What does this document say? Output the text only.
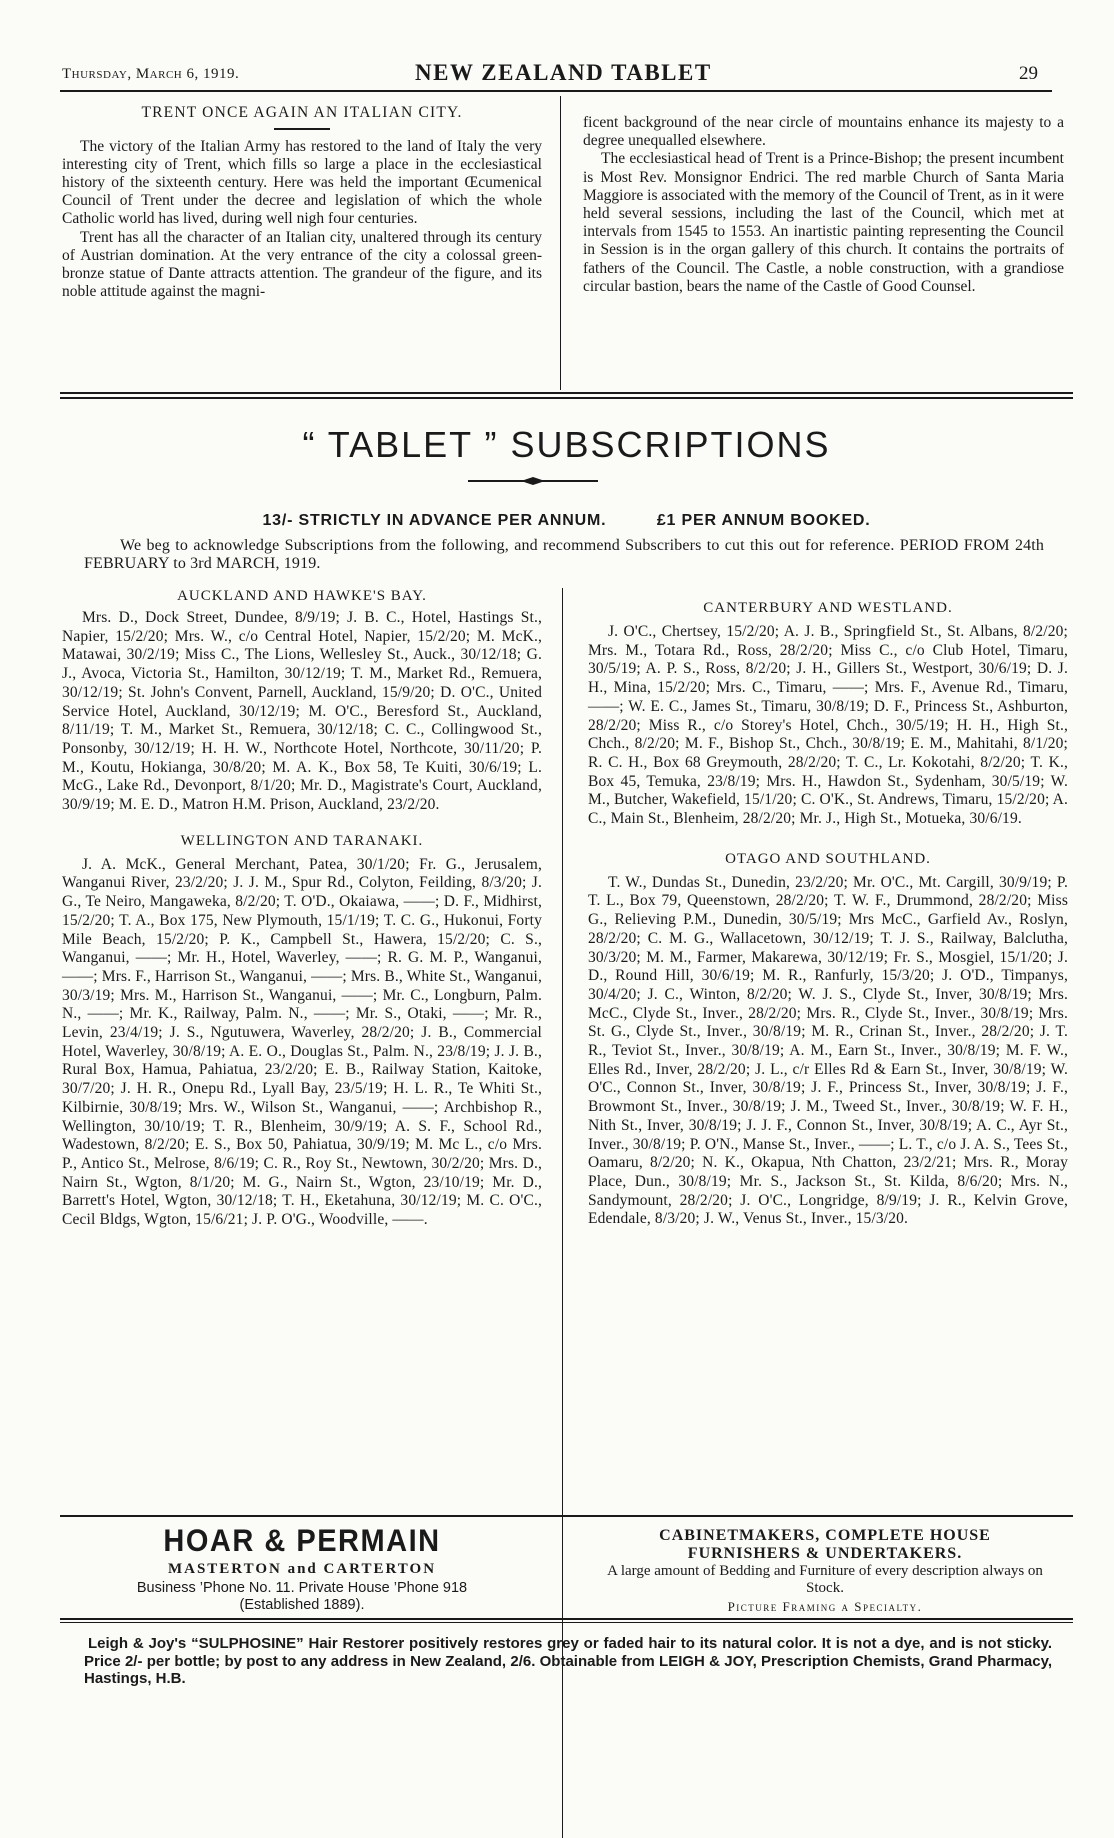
Thursday, March 6, 1919.	NEW ZEALAND TABLET	29

TRENT ONCE AGAIN AN ITALIAN CITY.

The victory of the Italian Army has restored to the land of Italy the very interesting city of Trent, which fills so large a place in the ecclesiastical history of the sixteenth century. Here was held the important Œcumenical Council of Trent under the decree and legislation of which the whole Catholic world has lived, during well nigh four centuries.

Trent has all the character of an Italian city, unaltered through its century of Austrian domination. At the very entrance of the city a colossal green-bronze statue of Dante attracts attention. The grandeur of the figure, and its noble attitude against the magni-

ficent background of the near circle of mountains enhance its majesty to a degree unequalled elsewhere.

The ecclesiastical head of Trent is a Prince-Bishop; the present incumbent is Most Rev. Monsignor Endrici. The red marble Church of Santa Maria Maggiore is associated with the memory of the Council of Trent, as in it were held several sessions, including the last of the Council, which met at intervals from 1545 to 1553. An inartistic painting representing the Council in Session is in the organ gallery of this church. It contains the portraits of fathers of the Council. The Castle, a noble construction, with a grandiose circular bastion, bears the name of the Castle of Good Counsel.

“ TABLET ” SUBSCRIPTIONS
13/- STRICTLY IN ADVANCE PER ANNUM.	£1 PER ANNUM BOOKED.

We beg to acknowledge Subscriptions from the following, and recommend Subscribers to cut this out for reference. PERIOD FROM 24th FEBRUARY to 3rd MARCH, 1919.

AUCKLAND AND HAWKE'S BAY.

Mrs. D., Dock Street, Dundee, 8/9/19; J. B. C., Hotel, Hastings St., Napier, 15/2/20; Mrs. W., c/o Central Hotel, Napier, 15/2/20; M. McK., Matawai, 30/2/19; Miss C., The Lions, Wellesley St., Auck., 30/12/18; G. J., Avoca, Victoria St., Hamilton, 30/12/19; T. M., Market Rd., Remuera, 30/12/19; St. John's Convent, Parnell, Auckland, 15/9/20; D. O'C., United Service Hotel, Auckland, 30/12/19; M. O'C., Beresford St., Auckland, 8/11/19; T. M., Market St., Remuera, 30/12/18; C. C., Collingwood St., Ponsonby, 30/12/19; H. H. W., Northcote Hotel, Northcote, 30/11/20; P. M., Koutu, Hokianga, 30/8/20; M. A. K., Box 58, Te Kuiti, 30/6/19; L. McG., Lake Rd., Devonport, 8/1/20; Mr. D., Magistrate's Court, Auckland, 30/9/19; M. E. D., Matron H.M. Prison, Auckland, 23/2/20.

WELLINGTON AND TARANAKI.

J. A. McK., General Merchant, Patea, 30/1/20; Fr. G., Jerusalem, Wanganui River, 23/2/20; J. J. M., Spur Rd., Colyton, Feilding, 8/3/20; J. G., Te Neiro, Mangaweka, 8/2/20; T. O'D., Okaiawa, ——; D. F., Midhirst, 15/2/20; T. A., Box 175, New Plymouth, 15/1/19; T. C. G., Hukonui, Forty Mile Beach, 15/2/20; P. K., Campbell St., Hawera, 15/2/20; C. S., Wanganui, ——; Mr. H., Hotel, Waverley, ——; R. G. M. P., Wanganui, ——; Mrs. F., Harrison St., Wanganui, ——; Mrs. B., White St., Wanganui, 30/3/19; Mrs. M., Harrison St., Wanganui, ——; Mr. C., Longburn, Palm. N., ——; Mr. K., Railway, Palm. N., ——; Mr. S., Otaki, ——; Mr. R., Levin, 23/4/19; J. S., Ngutuwera, Waverley, 28/2/20; J. B., Commercial Hotel, Waverley, 30/8/19; A. E. O., Douglas St., Palm. N., 23/8/19; J. J. B., Rural Box, Hamua, Pahiatua, 23/2/20; E. B., Railway Station, Kaitoke, 30/7/20; J. H. R., Onepu Rd., Lyall Bay, 23/5/19; H. L. R., Te Whiti St., Kilbirnie, 30/8/19; Mrs. W., Wilson St., Wanganui, ——; Archbishop R., Wellington, 30/10/19; T. R., Blenheim, 30/9/19; A. S. F., School Rd., Wadestown, 8/2/20; E. S., Box 50, Pahiatua, 30/9/19; M. Mc L., c/o Mrs. P., Antico St., Melrose, 8/6/19; C. R., Roy St., Newtown, 30/2/20; Mrs. D., Nairn St., Wgton, 8/1/20; M. G., Nairn St., Wgton, 23/10/19; Mr. D., Barrett's Hotel, Wgton, 30/12/18; T. H., Eketahuna, 30/12/19; M. C. O'C., Cecil Bldgs, Wgton, 15/6/21; J. P. O'G., Woodville, ——.

CANTERBURY AND WESTLAND.

J. O'C., Chertsey, 15/2/20; A. J. B., Springfield St., St. Albans, 8/2/20; Mrs. M., Totara Rd., Ross, 28/2/20; Miss C., c/o Club Hotel, Timaru, 30/5/19; A. P. S., Ross, 8/2/20; J. H., Gillers St., Westport, 30/6/19; D. J. H., Mina, 15/2/20; Mrs. C., Timaru, ——; Mrs. F., Avenue Rd., Timaru, ——; W. E. C., James St., Timaru, 30/8/19; D. F., Princess St., Ashburton, 28/2/20; Miss R., c/o Storey's Hotel, Chch., 30/5/19; H. H., High St., Chch., 8/2/20; M. F., Bishop St., Chch., 30/8/19; E. M., Mahitahi, 8/1/20; R. C. H., Box 68 Greymouth, 28/2/20; T. C., Lr. Kokotahi, 8/2/20; T. K., Box 45, Temuka, 23/8/19; Mrs. H., Hawdon St., Sydenham, 30/5/19; W. M., Butcher, Wakefield, 15/1/20; C. O'K., St. Andrews, Timaru, 15/2/20; A. C., Main St., Blenheim, 28/2/20; Mr. J., High St., Motueka, 30/6/19.

OTAGO AND SOUTHLAND.

T. W., Dundas St., Dunedin, 23/2/20; Mr. O'C., Mt. Cargill, 30/9/19; P. T. L., Box 79, Queenstown, 28/2/20; T. W. F., Drummond, 28/2/20; Miss G., Relieving P.M., Dunedin, 30/5/19; Mrs McC., Garfield Av., Roslyn, 28/2/20; C. M. G., Wallacetown, 30/12/19; T. J. S., Railway, Balclutha, 30/3/20; M. M., Farmer, Makarewa, 30/12/19; Fr. S., Mosgiel, 15/1/20; J. D., Round Hill, 30/6/19; M. R., Ranfurly, 15/3/20; J. O'D., Timpanys, 30/4/20; J. C., Winton, 8/2/20; W. J. S., Clyde St., Inver, 30/8/19; Mrs. McC., Clyde St., Inver., 28/2/20; Mrs. R., Clyde St., Inver., 30/8/19; Mrs. St. G., Clyde St., Inver., 30/8/19; M. R., Crinan St., Inver., 28/2/20; J. T. R., Teviot St., Inver., 30/8/19; A. M., Earn St., Inver., 30/8/19; M. F. W., Elles Rd., Inver, 28/2/20; J. L., c/r Elles Rd & Earn St., Inver, 30/8/19; W. O'C., Connon St., Inver, 30/8/19; J. F., Princess St., Inver, 30/8/19; J. F., Browmont St., Inver., 30/8/19; J. M., Tweed St., Inver., 30/8/19; W. F. H., Nith St., Inver, 30/8/19; J. J. F., Connon St., Inver, 30/8/19; A. C., Ayr St., Inver., 30/8/19; P. O'N., Manse St., Inver., ——; L. T., c/o J. A. S., Tees St., Oamaru, 8/2/20; N. K., Okapua, Nth Chatton, 23/2/21; Mrs. R., Moray Place, Dun., 30/8/19; Mr. S., Jackson St., St. Kilda, 8/6/20; Mrs. N., Sandymount, 28/2/20; J. O'C., Longridge, 8/9/19; J. R., Kelvin Grove, Edendale, 8/3/20; J. W., Venus St., Inver., 15/3/20.

HOAR & PERMAIN
MASTERTON and CARTERTON
Business ’Phone No. 11. Private House ’Phone 918
(Established 1889).
CABINETMAKERS, COMPLETE HOUSE
FURNISHERS & UNDERTAKERS.
A large amount of Bedding and Furniture of every description always on Stock.
Picture Framing a Specialty.

Leigh & Joy's “SULPHOSINE” Hair Restorer positively restores grey or faded hair to its natural color. It is not a dye, and is not sticky. Price 2/- per bottle; by post to any address in New Zealand, 2/6. Obtainable from LEIGH & JOY, Prescription Chemists, Grand Pharmacy, Hastings, H.B.
